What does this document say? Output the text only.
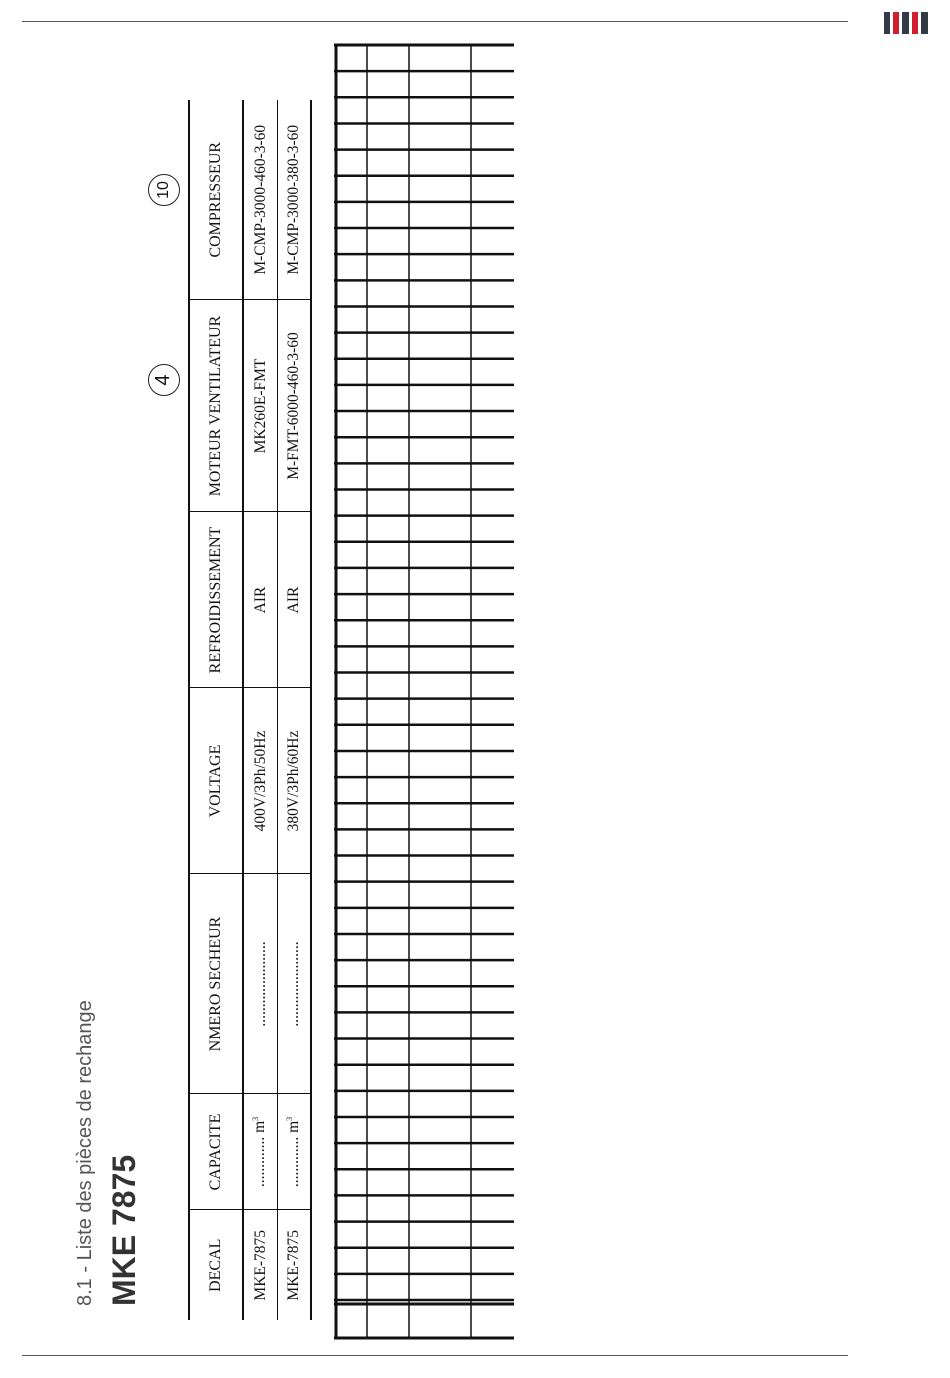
8.1 - Liste des pièces de rechange MKE 7875
4
10
DECAL	CAPACITE	NMERO SECHEUR	VOLTAGE	REFROIDISSEMENT	MOTEUR VENTILATEUR	COMPRESSEUR
MKE-7875	............. $m^3$	......................	400V/3Ph/50Hz	AIR	MK260E-FMT	M-CMP-3000-460-3-60
MKE-7875	............. $m^3$	......................	380V/3Ph/60Hz	AIR	M-FMT-6000-460-3-60	M-CMP-3000-380-3-60
